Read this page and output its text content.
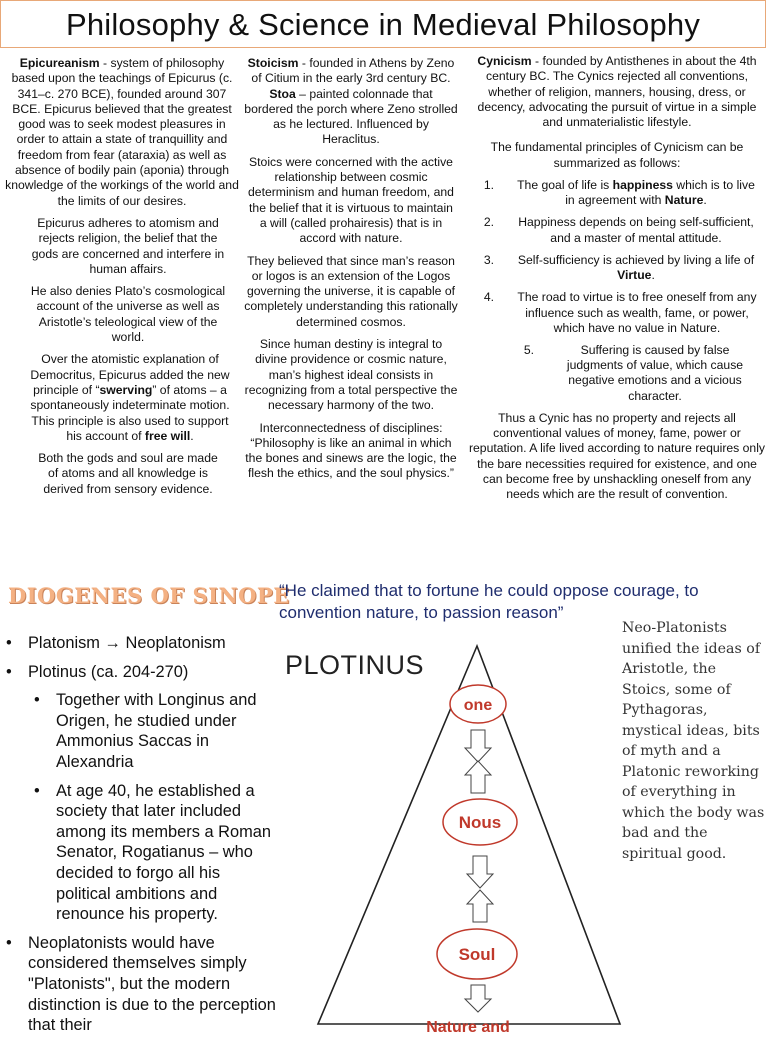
Philosophy & Science in Medieval Philosophy

Epicureanism - system of philosophy based upon the teachings of Epicurus (c. 341–c. 270 BCE), founded around 307 BCE. Epicurus believed that the greatest good was to seek modest pleasures in order to attain a state of tranquillity and freedom from fear (ataraxia) as well as absence of bodily pain (aponia) through knowledge of the workings of the world and the limits of our desires.

Epicurus adheres to atomism and rejects religion, the belief that the gods are concerned and interfere in human affairs.

He also denies Plato’s cosmological account of the universe as well as Aristotle’s teleological view of the world.

Over the atomistic explanation of Democritus, Epicurus added the new principle of “swerving” of atoms – a spontaneously indeterminate motion. This principle is also used to support his account of free will.

Both the gods and soul are made of atoms and all knowledge is derived from sensory evidence.

Stoicism - founded in Athens by Zeno of Citium in the early 3rd century BC. Stoa – painted colonnade that bordered the porch where Zeno strolled as he lectured. Influenced by Heraclitus.

Stoics were concerned with the active relationship between cosmic determinism and human freedom, and the belief that it is virtuous to maintain a will (called prohairesis) that is in accord with nature.

They believed that since man’s reason or logos is an extension of the Logos governing the universe, it is capable of completely understanding this rationally determined cosmos.

Since human destiny is integral to divine providence or cosmic nature, man’s highest ideal consists in recognizing from a total perspective the necessary harmony of the two.

Interconnectedness of disciplines: “Philosophy is like an animal in which the bones and sinews are the logic, the flesh the ethics, and the soul physics.”

Cynicism - founded by Antisthenes in about the 4th century BC. The Cynics rejected all conventions, whether of religion, manners, housing, dress, or decency, advocating the pursuit of virtue in a simple and unmaterialistic lifestyle.

The fundamental principles of Cynicism can be summarized as follows:

1.	The goal of life is happiness which is to live in agreement with Nature.
2.	Happiness depends on being self-sufficient, and a master of mental attitude.
3.	Self-sufficiency is achieved by living a life of Virtue.
4.	The road to virtue is to free oneself from any influence such as wealth, fame, or power, which have no value in Nature.
5.	Suffering is caused by false judgments of value, which cause negative emotions and a vicious character.

Thus a Cynic has no property and rejects all conventional values of money, fame, power or reputation. A life lived according to nature requires only the bare necessities required for existence, and one can become free by unshackling oneself from any needs which are the result of convention.

DIOGENES OF SINOPE
“He claimed that to fortune he could oppose courage, to convention nature, to passion reason”
• Platonism → Neoplatonism
• Plotinus (ca. 204-270)
• Together with Longinus and Origen, he studied under Ammonius Saccas in Alexandria
• At age 40, he established a society that later included among its members a Roman Senator, Rogatianus – who decided to forgo all his political ambitions and renounce his property.
• Neoplatonists would have considered themselves simply "Platonists", but the modern distinction is due to the perception that their
PLOTINUS
one
Nous
Soul
Nature and
Neo-Platonists unified the ideas of Aristotle, the Stoics, some of Pythagoras, mystical ideas, bits of myth and a Platonic reworking of everything in which the body was bad and the spiritual good.
